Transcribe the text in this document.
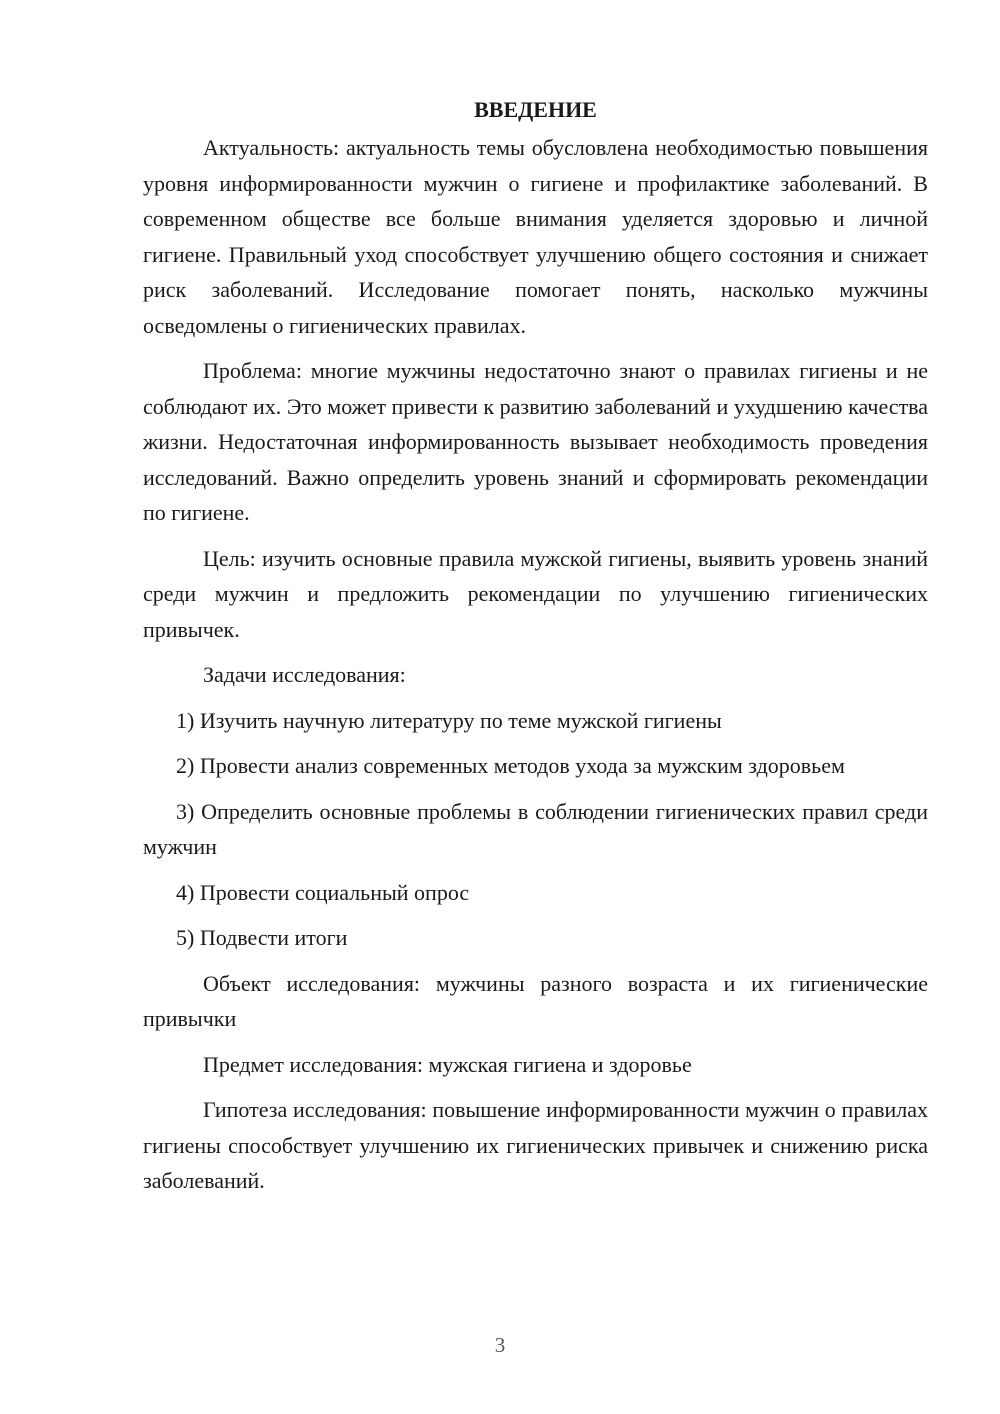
ВВЕДЕНИЕ

Актуальность: актуальность темы обусловлена необходимостью повышения уровня информированности мужчин о гигиене и профилактике заболеваний. В современном обществе все больше внимания уделяется здоровью и личной гигиене. Правильный уход способствует улучшению общего состояния и снижает риск заболеваний. Исследование помогает понять, насколько мужчины осведомлены о гигиенических правилах.

Проблема: многие мужчины недостаточно знают о правилах гигиены и не соблюдают их. Это может привести к развитию заболеваний и ухудшению качества жизни. Недостаточная информированность вызывает необходимость проведения исследований. Важно определить уровень знаний и сформировать рекомендации по гигиене.

Цель: изучить основные правила мужской гигиены, выявить уровень знаний среди мужчин и предложить рекомендации по улучшению гигиенических привычек.

Задачи исследования:

1) Изучить научную литературу по теме мужской гигиены

2) Провести анализ современных методов ухода за мужским здоровьем

3) Определить основные проблемы в соблюдении гигиенических правил среди мужчин

4) Провести социальный опрос

5) Подвести итоги

Объект исследования: мужчины разного возраста и их гигиенические привычки

Предмет исследования: мужская гигиена и здоровье

Гипотеза исследования: повышение информированности мужчин о правилах гигиены способствует улучшению их гигиенических привычек и снижению риска заболеваний.

3
